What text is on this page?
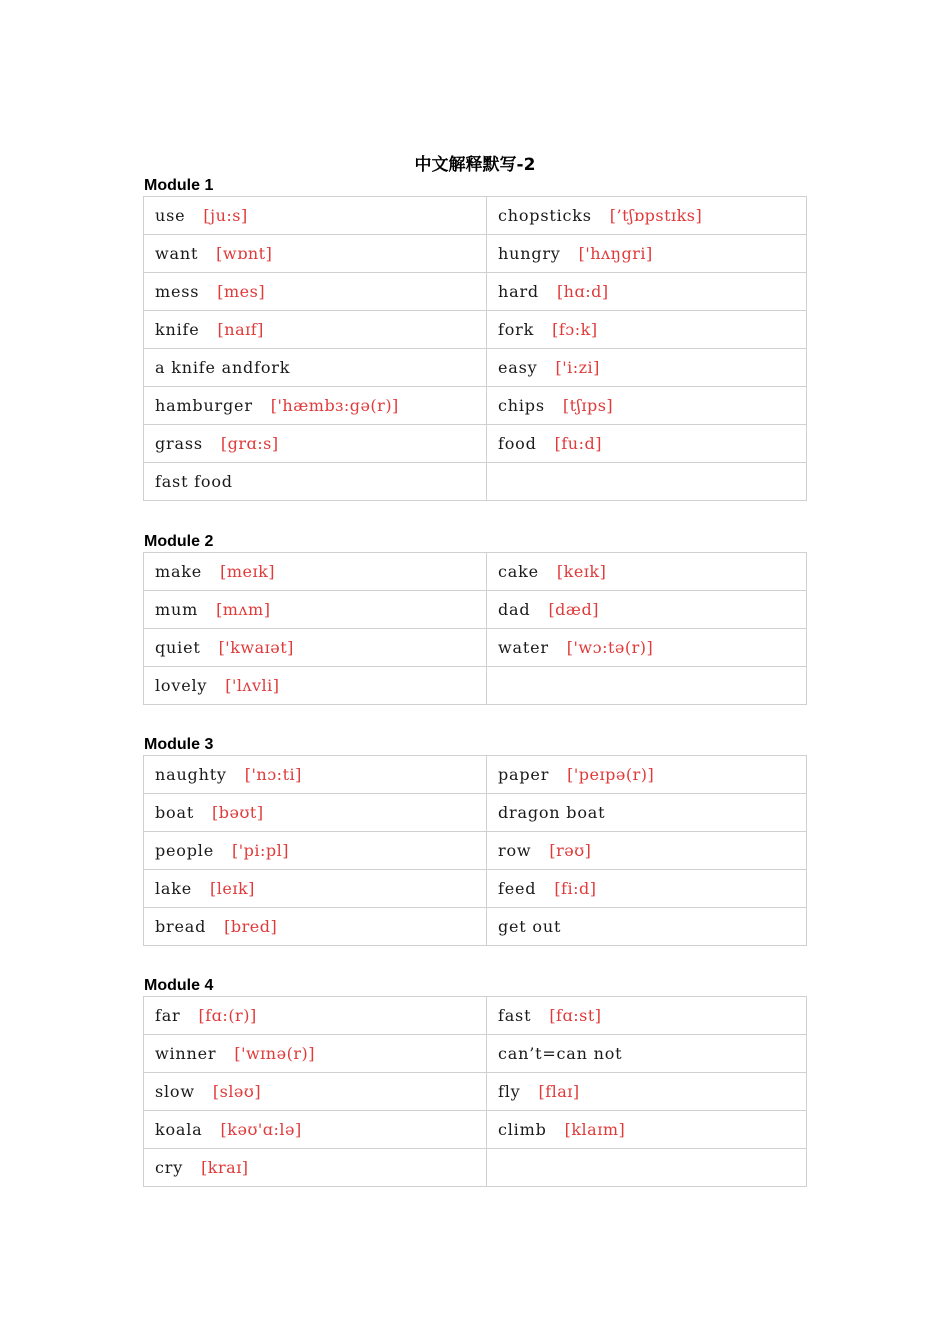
中文解释默写-2
Module 1
use [ju:s]	chopsticks [’tʃɒpstɪks]
want [wɒnt]	hungry ['hʌŋgri]
mess [mes]	hard [hɑ:d]
knife [naɪf]	fork [fɔ:k]
a knife andfork	easy ['i:zi]
hamburger ['hæmbɜ:gə(r)]	chips [tʃɪps]
grass [grɑ:s]	food [fu:d]
fast food	
Module 2
make [meɪk]	cake [keɪk]
mum [mʌm]	dad [dæd]
quiet ['kwaɪət]	water ['wɔ:tə(r)]
lovely ['lʌvli]	
Module 3
naughty ['nɔ:ti]	paper ['peɪpə(r)]
boat [bəʊt]	dragon boat
people ['pi:pl]	row [rəʊ]
lake [leɪk]	feed [fi:d]
bread [bred]	get out
Module 4
far [fɑ:(r)]	fast [fɑ:st]
winner ['wɪnə(r)]	can’t=can not
slow [sləʊ]	fly [flaɪ]
koala [kəʊ'ɑ:lə]	climb [klaɪm]
cry [kraɪ]	
